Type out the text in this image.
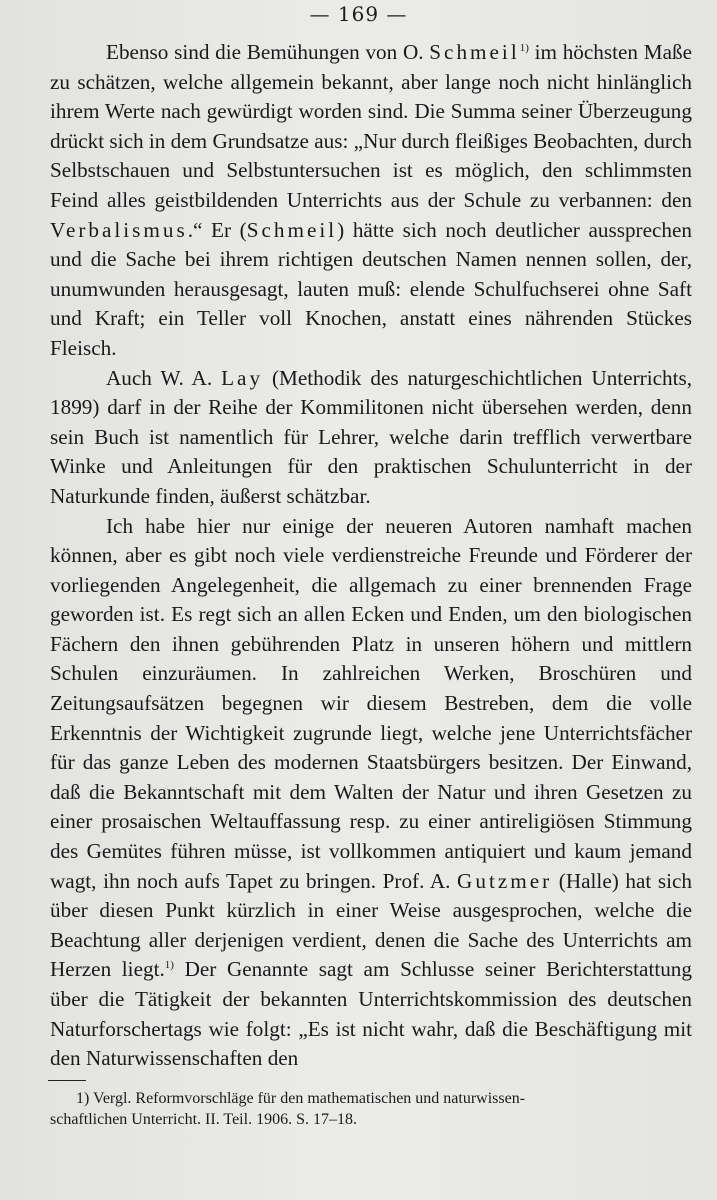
— 169 —

Ebenso sind die Bemühungen von O. Schmeil$^{1)}$ im höchsten Maße zu schätzen, welche allgemein bekannt, aber lange noch nicht hinlänglich ihrem Werte nach gewürdigt worden sind. Die Summa seiner Überzeugung drückt sich in dem Grundsatze aus: „Nur durch fleißiges Beobachten, durch Selbstschauen und Selbstuntersuchen ist es möglich, den schlimmsten Feind alles geistbildenden Unterrichts aus der Schule zu verbannen: den Verbalismus.“ Er (Schmeil) hätte sich noch deutlicher aussprechen und die Sache bei ihrem richtigen deutschen Namen nennen sollen, der, unumwunden herausgesagt, lauten muß: elende Schulfuchserei ohne Saft und Kraft; ein Teller voll Knochen, anstatt eines nährenden Stückes Fleisch.

Auch W. A. Lay (Methodik des naturgeschichtlichen Unterrichts, 1899) darf in der Reihe der Kommilitonen nicht übersehen werden, denn sein Buch ist namentlich für Lehrer, welche darin trefflich verwertbare Winke und Anleitungen für den praktischen Schulunterricht in der Naturkunde finden, äußerst schätzbar.

Ich habe hier nur einige der neueren Autoren namhaft machen können, aber es gibt noch viele verdienstreiche Freunde und Förderer der vorliegenden Angelegenheit, die allgemach zu einer brennenden Frage geworden ist. Es regt sich an allen Ecken und Enden, um den biologischen Fächern den ihnen gebührenden Platz in unseren höhern und mittlern Schulen einzuräumen. In zahlreichen Werken, Broschüren und Zeitungsaufsätzen begegnen wir diesem Bestreben, dem die volle Erkenntnis der Wichtigkeit zugrunde liegt, welche jene Unterrichtsfächer für das ganze Leben des modernen Staatsbürgers besitzen. Der Einwand, daß die Bekanntschaft mit dem Walten der Natur und ihren Gesetzen zu einer prosaischen Weltauffassung resp. zu einer antireligiösen Stimmung des Gemütes führen müsse, ist vollkommen antiquiert und kaum jemand wagt, ihn noch aufs Tapet zu bringen. Prof. A. Gutzmer (Halle) hat sich über diesen Punkt kürzlich in einer Weise ausgesprochen, welche die Beachtung aller derjenigen verdient, denen die Sache des Unterrichts am Herzen liegt.$^{1)}$ Der Genannte sagt am Schlusse seiner Berichterstattung über die Tätigkeit der bekannten Unterrichtskommission des deutschen Naturforschertags wie folgt: „Es ist nicht wahr, daß die Beschäftigung mit den Naturwissenschaften den

1) Vergl. Reformvorschläge für den mathematischen und naturwissen-
schaftlichen Unterricht. II. Teil. 1906. S. 17–18.
